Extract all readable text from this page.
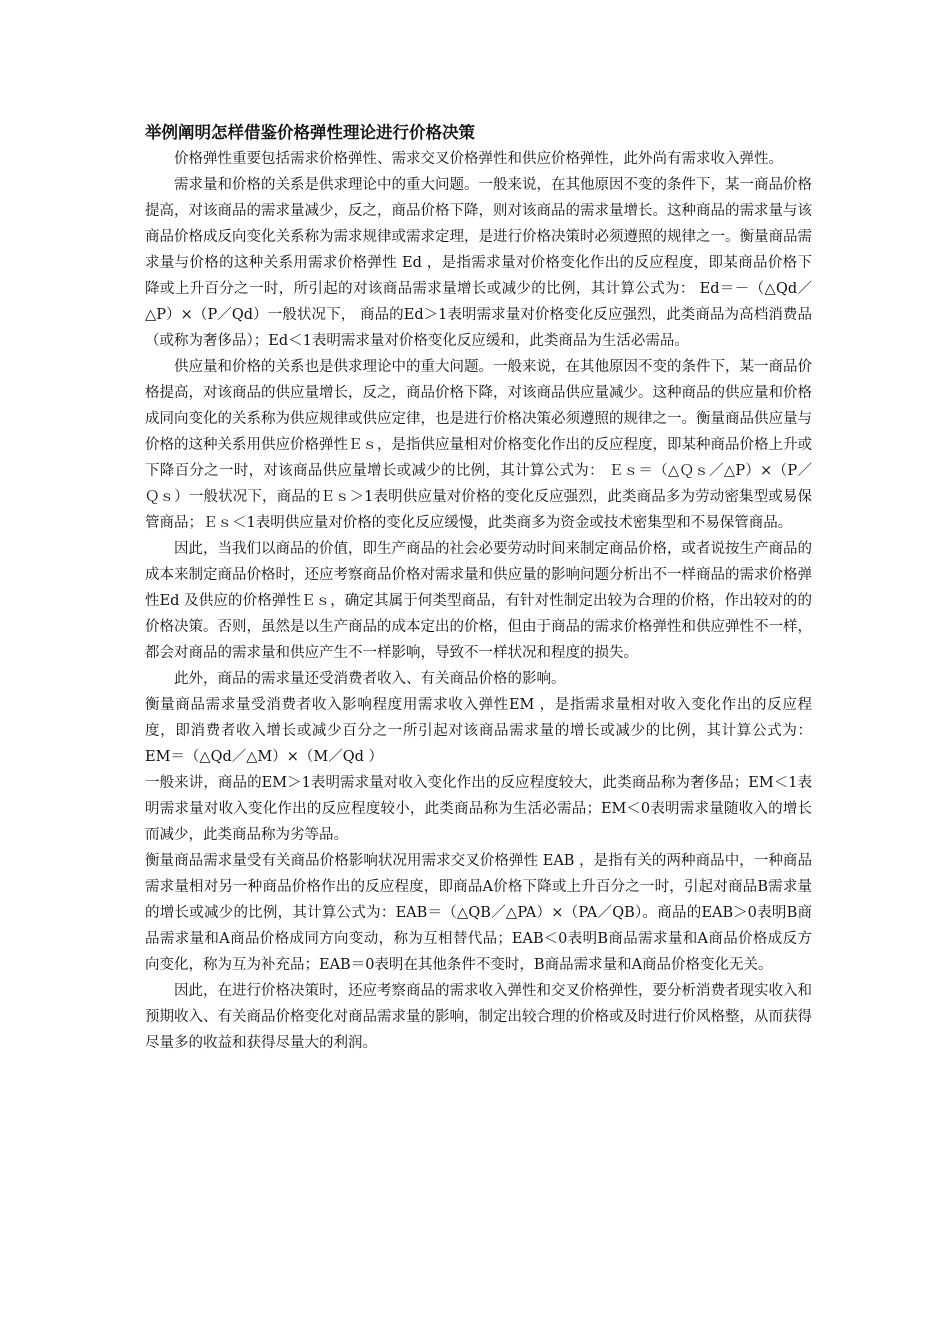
举例阐明怎样借鉴价格弹性理论进行价格决策

价格弹性重要包括需求价格弹性、需求交叉价格弹性和供应价格弹性，此外尚有需求收入弹性。

需求量和价格的关系是供求理论中的重大问题。一般来说，在其他原因不变的条件下，某一商品价格提高，对该商品的需求量减少，反之，商品价格下降，则对该商品的需求量增长。这种商品的需求量与该商品价格成反向变化关系称为需求规律或需求定理，是进行价格决策时必须遵照的规律之一。衡量商品需求量与价格的这种关系用需求价格弹性 Ed ，是指需求量对价格变化作出的反应程度，即某商品价格下降或上升百分之一时，所引起的对该商品需求量增长或减少的比例，其计算公式为： Ed＝－（△Qd／△P）×（P／Qd）一般状况下， 商品的Ed＞1表明需求量对价格变化反应强烈，此类商品为高档消费品（或称为奢侈品）；Ed＜1表明需求量对价格变化反应缓和，此类商品为生活必需品。

供应量和价格的关系也是供求理论中的重大问题。一般来说，在其他原因不变的条件下，某一商品价格提高，对该商品的供应量增长，反之，商品价格下降，对该商品供应量减少。这种商品的供应量和价格成同向变化的关系称为供应规律或供应定律，也是进行价格决策必须遵照的规律之一。衡量商品供应量与价格的这种关系用供应价格弹性Ｅｓ，是指供应量相对价格变化作出的反应程度，即某种商品价格上升或下降百分之一时，对该商品供应量增长或减少的比例，其计算公式为： Ｅｓ＝（△Ｑｓ／△P）×（P／Ｑｓ）一般状况下，商品的Ｅｓ＞1表明供应量对价格的变化反应强烈，此类商品多为劳动密集型或易保管商品；Ｅｓ＜1表明供应量对价格的变化反应缓慢，此类商多为资金或技术密集型和不易保管商品。

因此，当我们以商品的价值，即生产商品的社会必要劳动时间来制定商品价格，或者说按生产商品的成本来制定商品价格时，还应考察商品价格对需求量和供应量的影响问题分析出不一样商品的需求价格弹性Ed 及供应的价格弹性Ｅｓ，确定其属于何类型商品，有针对性制定出较为合理的价格，作出较对的的价格决策。否则，虽然是以生产商品的成本定出的价格，但由于商品的需求价格弹性和供应弹性不一样，都会对商品的需求量和供应产生不一样影响，导致不一样状况和程度的损失。

此外，商品的需求量还受消费者收入、有关商品价格的影响。

衡量商品需求量受消费者收入影响程度用需求收入弹性EM ，是指需求量相对收入变化作出的反应程度，即消费者收入增长或减少百分之一所引起对该商品需求量的增长或减少的比例，其计算公式为： EM＝（△Qd／△M）×（M／Qd ）

一般来讲，商品的EM＞1表明需求量对收入变化作出的反应程度较大，此类商品称为奢侈品；EM＜1表明需求量对收入变化作出的反应程度较小，此类商品称为生活必需品；EM＜0表明需求量随收入的增长而减少，此类商品称为劣等品。

衡量商品需求量受有关商品价格影响状况用需求交叉价格弹性 EAB ，是指有关的两种商品中，一种商品需求量相对另一种商品价格作出的反应程度，即商品A价格下降或上升百分之一时，引起对商品B需求量的增长或减少的比例，其计算公式为：EAB＝（△QB／△PA）×（PA／QB）。商品的EAB＞0表明B商品需求量和A商品价格成同方向变动，称为互相替代品；EAB＜0表明B商品需求量和A商品价格成反方向变化，称为互为补充品；EAB＝0表明在其他条件不变时，B商品需求量和A商品价格变化无关。

因此，在进行价格决策时，还应考察商品的需求收入弹性和交叉价格弹性，要分析消费者现实收入和预期收入、有关商品价格变化对商品需求量的影响，制定出较合理的价格或及时进行价风格整，从而获得尽量多的收益和获得尽量大的利润。
